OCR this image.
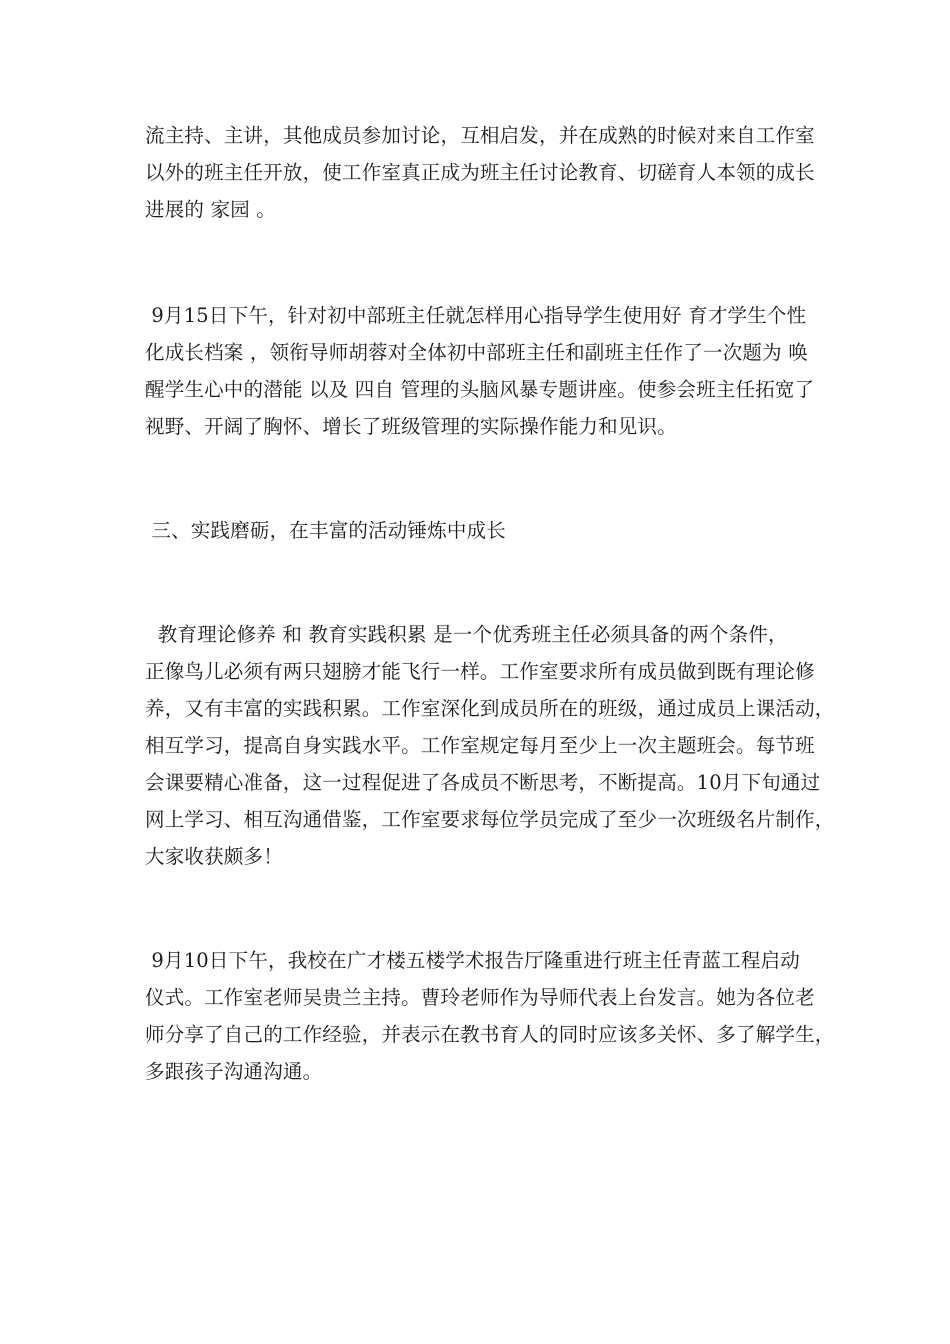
流主持、主讲，其他成员参加讨论，互相启发，并在成熟的时候对来自工作室
以外的班主任开放，使工作室真正成为班主任讨论教育、切磋育人本领的成长
进展的 家园 。
9月15日下午，针对初中部班主任就怎样用心指导学生使用好 育才学生个性
化成长档案 ，领衔导师胡蓉对全体初中部班主任和副班主任作了一次题为 唤
醒学生心中的潜能 以及 四自 管理的头脑风暴专题讲座。使参会班主任拓宽了
视野、开阔了胸怀、增长了班级管理的实际操作能力和见识。
三、实践磨砺，在丰富的活动锤炼中成长
教育理论修养 和 教育实践积累 是一个优秀班主任必须具备的两个条件，
正像鸟儿必须有两只翅膀才能飞行一样。工作室要求所有成员做到既有理论修
养，又有丰富的实践积累。工作室深化到成员所在的班级，通过成员上课活动，
相互学习，提高自身实践水平。工作室规定每月至少上一次主题班会。每节班
会课要精心准备，这一过程促进了各成员不断思考，不断提高。10月下旬通过
网上学习、相互沟通借鉴，工作室要求每位学员完成了至少一次班级名片制作，
大家收获颇多！
9月10日下午，我校在广才楼五楼学术报告厅隆重进行班主任青蓝工程启动
仪式。工作室老师吴贵兰主持。曹玲老师作为导师代表上台发言。她为各位老
师分享了自己的工作经验，并表示在教书育人的同时应该多关怀、多了解学生，
多跟孩子沟通沟通。
